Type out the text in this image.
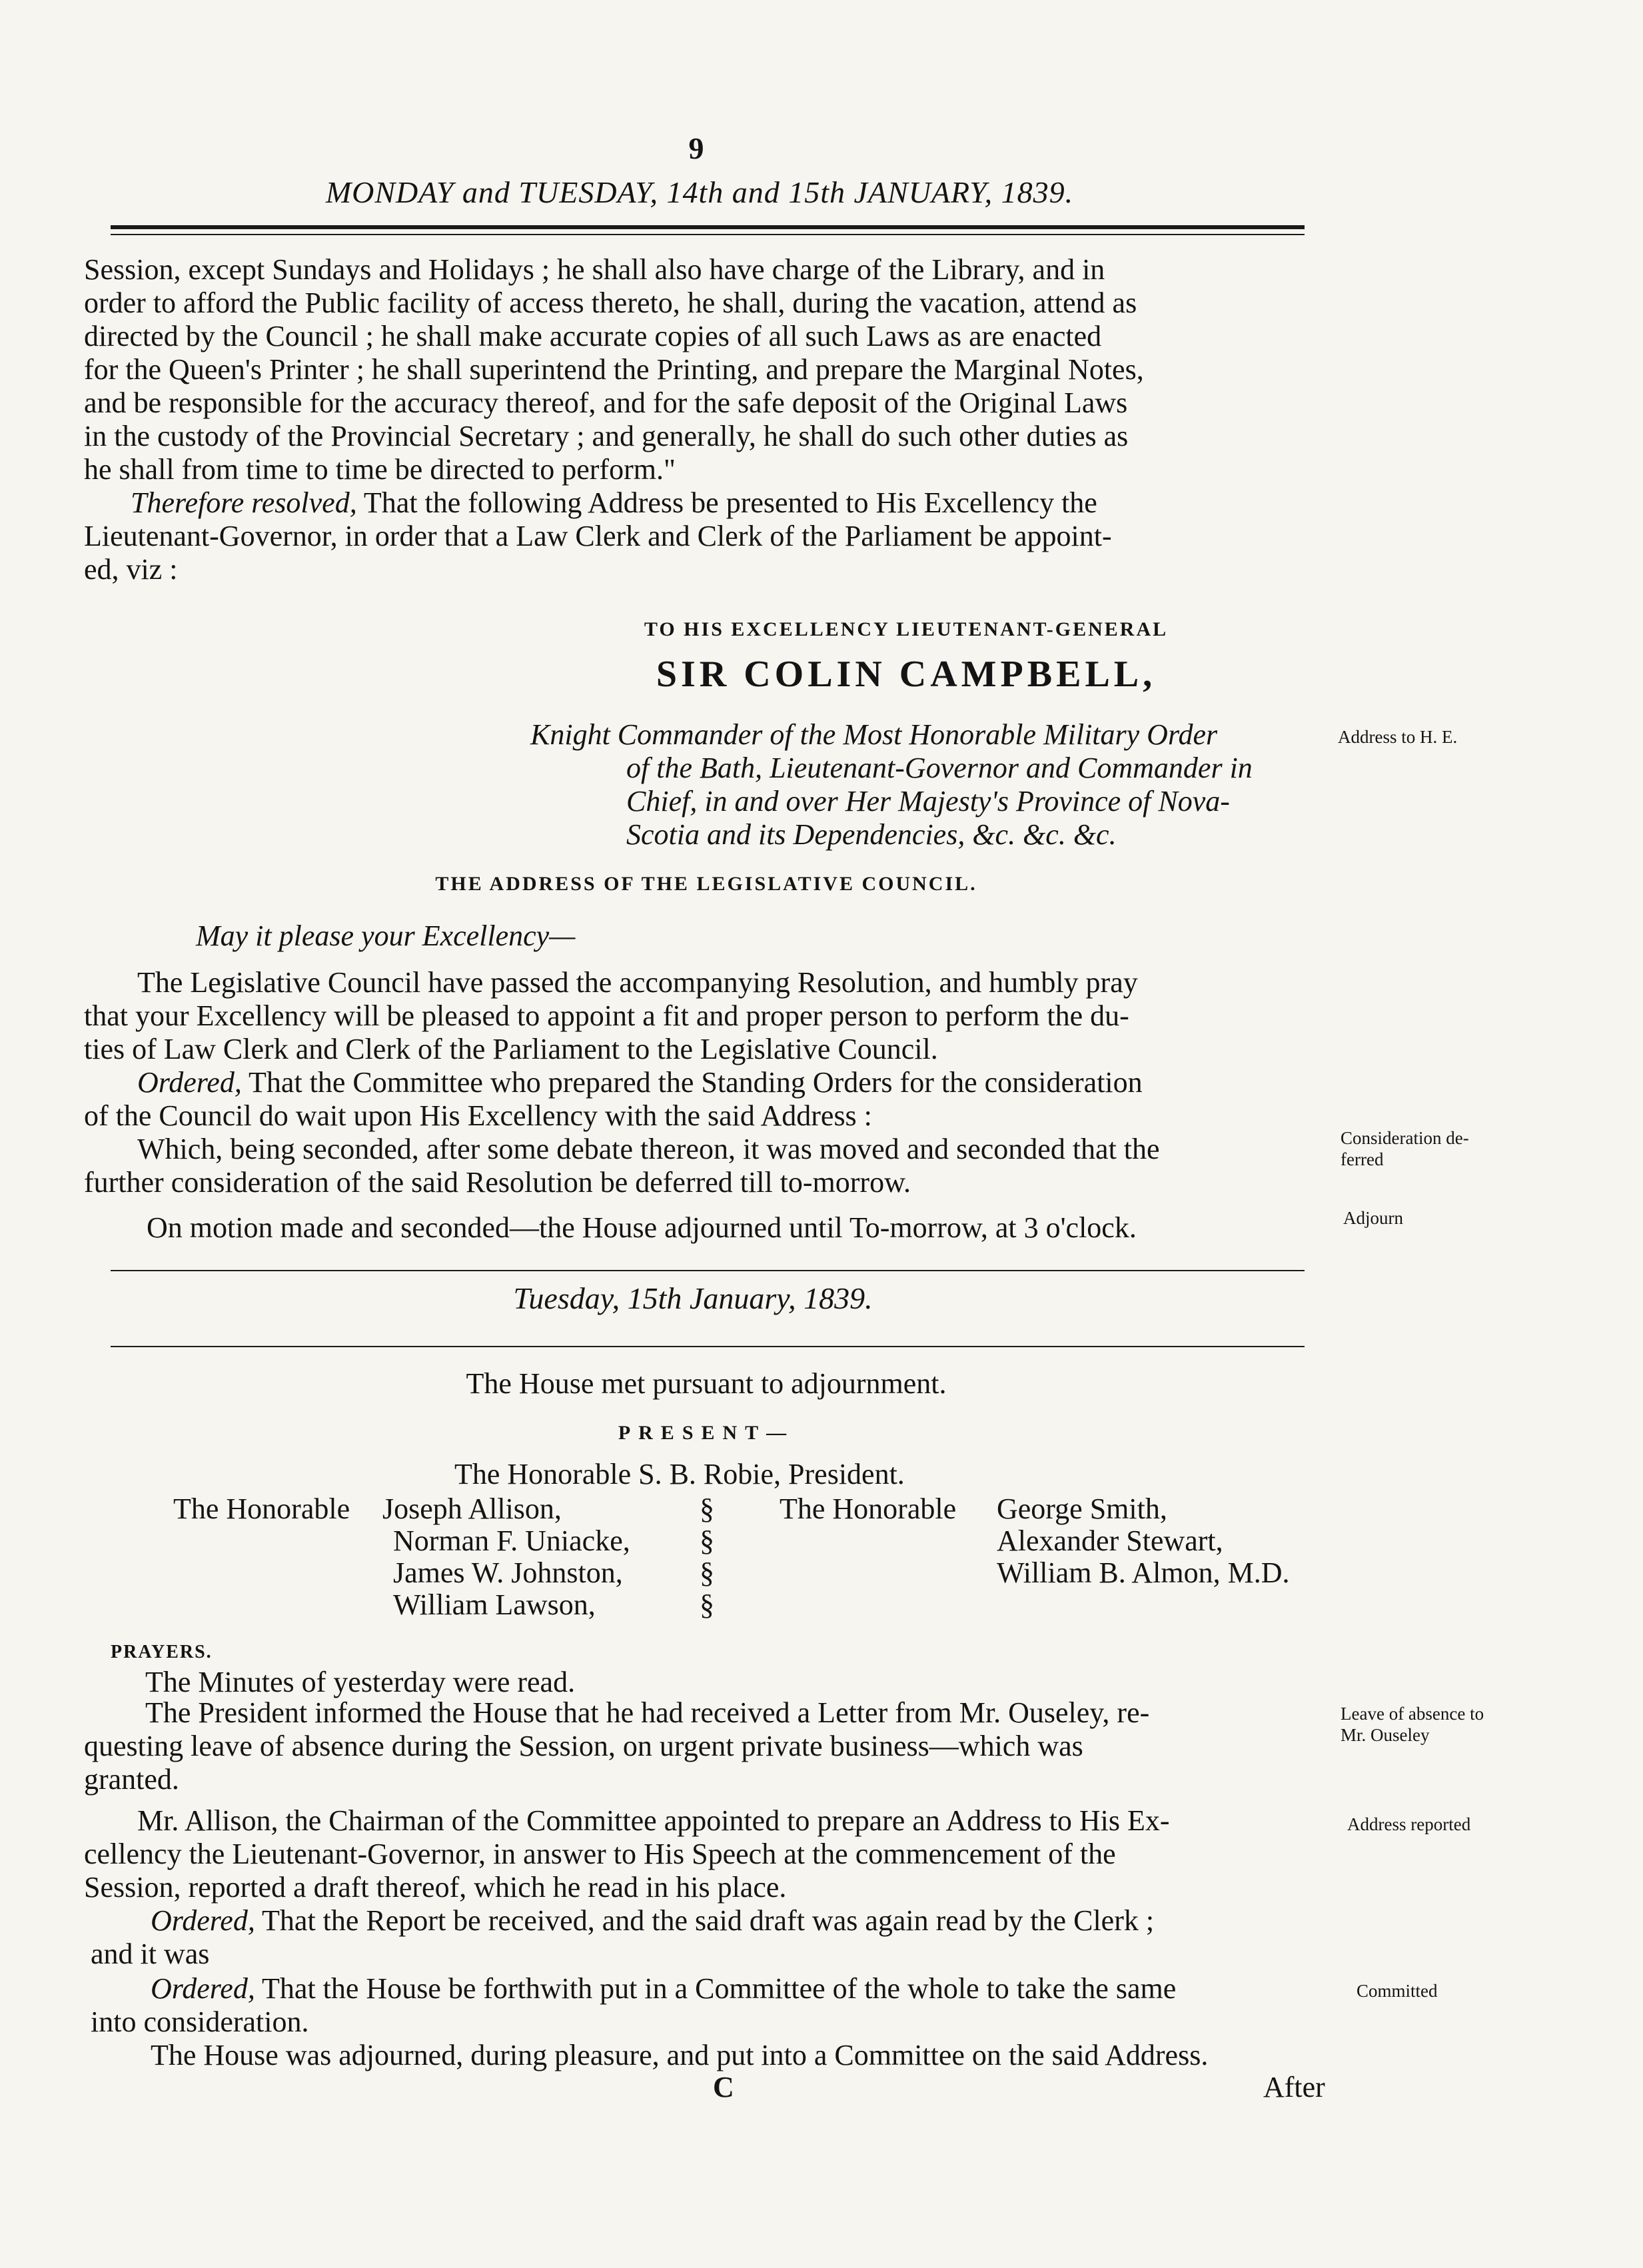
9
MONDAY and TUESDAY, 14th and 15th JANUARY, 1839.
Session, except Sundays and Holidays ; he shall also have charge of the Library, and in
order to afford the Public facility of access thereto, he shall, during the vacation, attend as
directed by the Council ; he shall make accurate copies of all such Laws as are enacted
for the Queen's Printer ; he shall superintend the Printing, and prepare the Marginal Notes,
and be responsible for the accuracy thereof, and for the safe deposit of the Original Laws
in the custody of the Provincial Secretary ; and generally, he shall do such other duties as
he shall from time to time be directed to perform."
Therefore resolved, That the following Address be presented to His Excellency the
Lieutenant-Governor, in order that a Law Clerk and Clerk of the Parliament be appoint-
ed, viz :
TO HIS EXCELLENCY LIEUTENANT-GENERAL
SIR COLIN CAMPBELL,
Knight Commander of the Most Honorable Military Order
of the Bath, Lieutenant-Governor and Commander in
Chief, in and over Her Majesty's Province of Nova-
Scotia and its Dependencies, &c. &c. &c.
Address to H. E.
THE ADDRESS OF THE LEGISLATIVE COUNCIL.
May it please your Excellency—
The Legislative Council have passed the accompanying Resolution, and humbly pray
that your Excellency will be pleased to appoint a fit and proper person to perform the du-
ties of Law Clerk and Clerk of the Parliament to the Legislative Council.
Ordered, That the Committee who prepared the Standing Orders for the consideration
of the Council do wait upon His Excellency with the said Address :
Which, being seconded, after some debate thereon, it was moved and seconded that the
further consideration of the said Resolution be deferred till to-morrow.
Consideration de-
ferred
On motion made and seconded—the House adjourned until To-morrow, at 3 o'clock.	Adjourn
Tuesday, 15th January, 1839.
The House met pursuant to adjournment.
PRESENT—
The Honorable S. B. Robie, President.
The Honorable Joseph Allison,
Norman F. Uniacke,
James W. Johnston,
William Lawson,
§
§
§
§
The Honorable George Smith,
Alexander Stewart,
William B. Almon, M.D.
PRAYERS.
The Minutes of yesterday were read.
The President informed the House that he had received a Letter from Mr. Ouseley, re-
questing leave of absence during the Session, on urgent private business—which was
granted.
Leave of absence to
Mr. Ouseley
Mr. Allison, the Chairman of the Committee appointed to prepare an Address to His Ex-
cellency the Lieutenant-Governor, in answer to His Speech at the commencement of the
Session, reported a draft thereof, which he read in his place.
Address reported
Ordered, That the Report be received, and the said draft was again read by the Clerk ;
and it was
Ordered, That the House be forthwith put in a Committee of the whole to take the same
into consideration.
Committed
The House was adjourned, during pleasure, and put into a Committee on the said Address.
C	After
